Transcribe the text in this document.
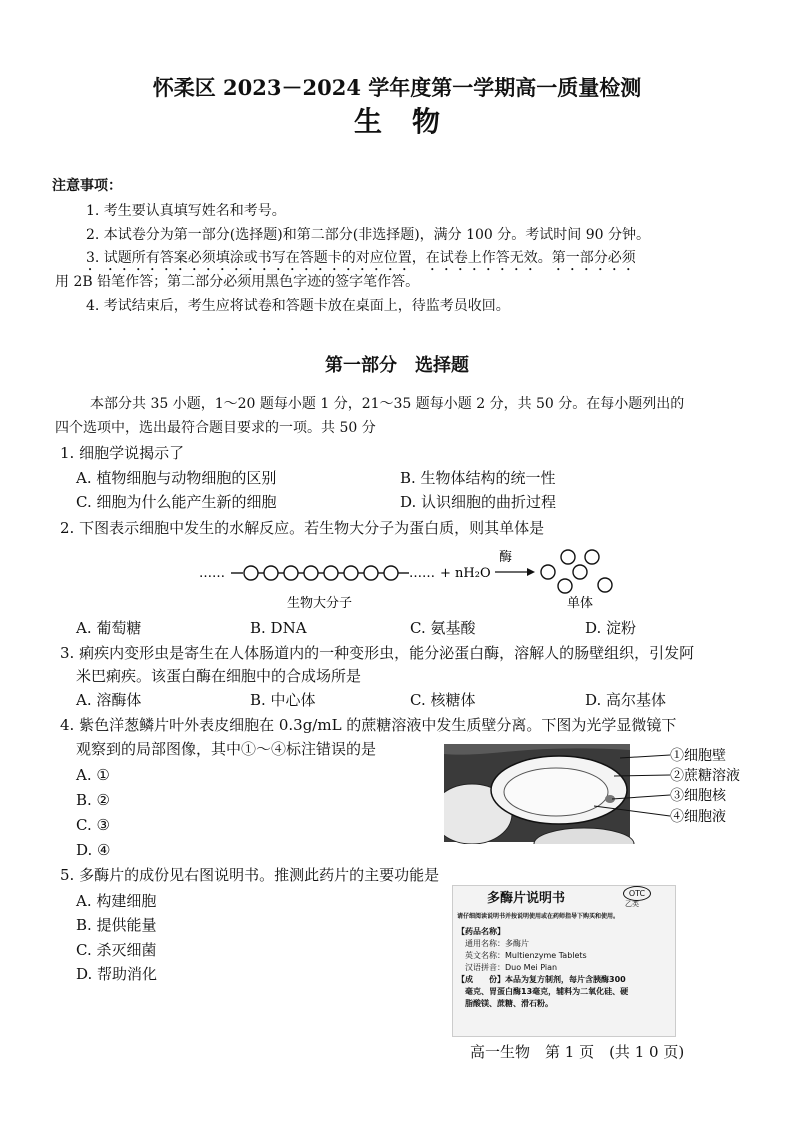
怀柔区 2023－2024 学年度第一学期高一质量检测
生物
注意事项：
1. 考生要认真填写姓名和考号。
2. 本试卷分为第一部分(选择题)和第二部分(非选择题)，满分 100 分。考试时间 90 分钟。
3. 试题所有答案必须填涂或书写在答题卡的对应位置，在试卷上作答无效。第一部分必须
用 2B 铅笔作答；第二部分必须用黑色字迹的签字笔作答。
4. 考试结束后，考生应将试卷和答题卡放在桌面上，待监考员收回。
第一部分　选择题
本部分共 35 小题，1～20 题每小题 1 分，21～35 题每小题 2 分，共 50 分。在每小题列出的
四个选项中，选出最符合题目要求的一项。共 50 分
1. 细胞学说揭示了
A. 植物细胞与动物细胞的区别	B. 生物体结构的统一性
C. 细胞为什么能产生新的细胞	D. 认识细胞的曲折过程
2. 下图表示细胞中发生的水解反应。若生物大分子为蛋白质，则其单体是
……	…… + nH₂O
酶
生物大分子	单体
A. 葡萄糖	B. DNA	C. 氨基酸	D. 淀粉
3. 痢疾内变形虫是寄生在人体肠道内的一种变形虫，能分泌蛋白酶，溶解人的肠壁组织，引发阿
米巴痢疾。该蛋白酶在细胞中的合成场所是
A. 溶酶体	B. 中心体	C. 核糖体	D. 高尔基体
4. 紫色洋葱鳞片叶外表皮细胞在 0.3g/mL 的蔗糖溶液中发生质壁分离。下图为光学显微镜下
观察到的局部图像，其中①～④标注错误的是
A. ①
B. ②
C. ③
D. ④
①细胞壁
②蔗糖溶液
③细胞核
④细胞液
5. 多酶片的成份见右图说明书。推测此药片的主要功能是
A. 构建细胞
B. 提供能量
C. 杀灭细菌
D. 帮助消化
多酶片说明书	OTC
乙类
请仔细阅读说明书并按说明使用或在药师指导下购买和使用。
【药品名称】
通用名称：多酶片
英文名称：Multienzyme Tablets
汉语拼音：Duo Mei Pian
【成　　份】本品为复方制剂，每片含胰酶300
毫克、胃蛋白酶13毫克，辅料为二氧化硅、硬
脂酸镁、蔗糖、滑石粉。
高一生物　第 1 页　(共 1 0 页)
